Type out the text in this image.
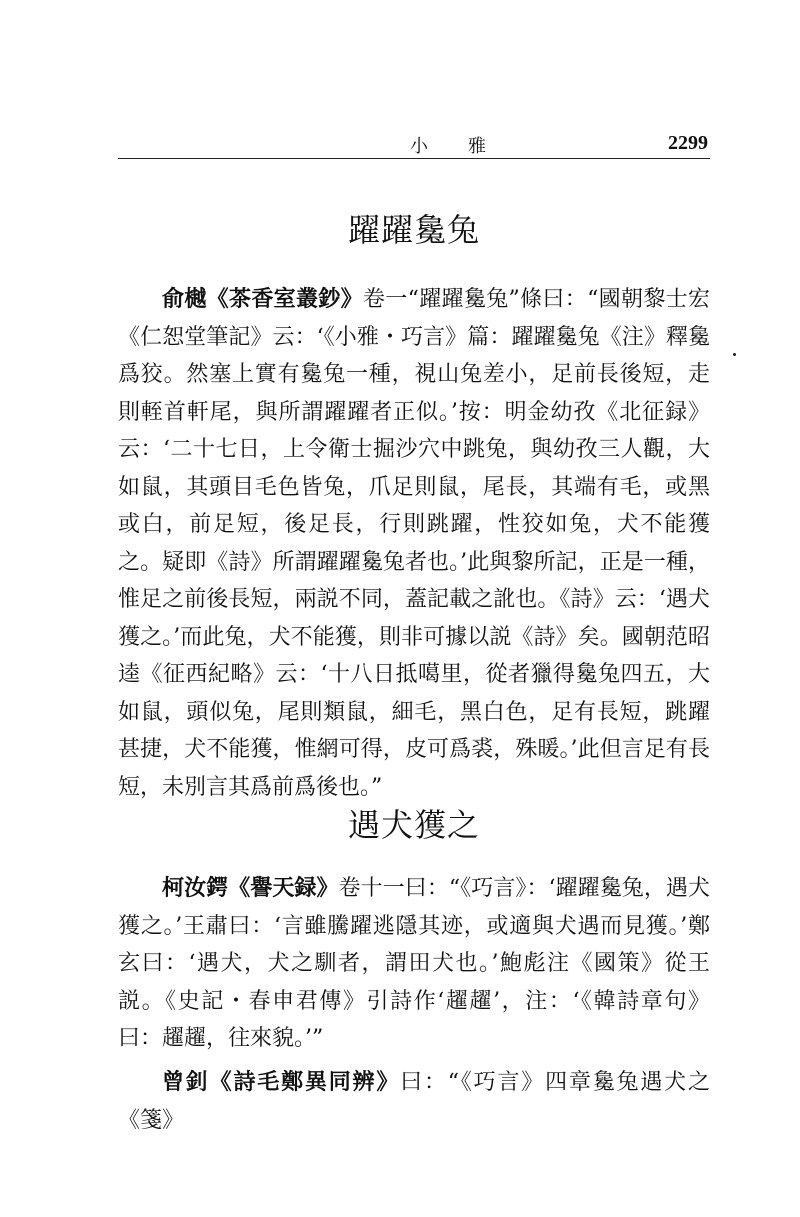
小雅	2299
躍躍毚兔

俞樾《茶香室叢鈔》卷一“躍躍毚兔”條曰：“國朝黎士宏《仁恕堂筆記》云：‘《小雅・巧言》篇：躍躍毚兔《注》釋毚爲狡。然塞上實有毚兔一種，視山兔差小，足前長後短，走則輊首軒尾，與所謂躍躍者正似。’按：明金幼孜《北征録》云：‘二十七日，上令衛士掘沙穴中跳兔，與幼孜三人觀，大如鼠，其頭目毛色皆兔，爪足則鼠，尾長，其端有毛，或黑或白，前足短，後足長，行則跳躍，性狡如兔，犬不能獲之。疑即《詩》所謂躍躍毚兔者也。’此與黎所記，正是一種，惟足之前後長短，兩説不同，蓋記載之訛也。《詩》云：‘遇犬獲之。’而此兔，犬不能獲，則非可據以説《詩》矣。國朝范昭逵《征西紀略》云：‘十八日抵噶里，從者獵得毚兔四五，大如鼠，頭似兔，尾則類鼠，細毛，黑白色，足有長短，跳躍甚捷，犬不能獲，惟網可得，皮可爲裘，殊暖。’此但言足有長短，未別言其爲前爲後也。”

遇犬獲之

柯汝鍔《譽天録》卷十一曰：“《巧言》：‘躍躍毚兔，遇犬獲之。’王肅曰：‘言雖騰躍逃隱其迹，或適與犬遇而見獲。’鄭玄曰：‘遇犬，犬之馴者，謂田犬也。’鮑彪注《國策》從王説。《史記・春申君傳》引詩作‘趯趯’，注：‘《韓詩章句》曰：趯趯，往來貌。’”

曾釗《詩毛鄭異同辨》曰：“《巧言》四章毚兔遇犬之《箋》
